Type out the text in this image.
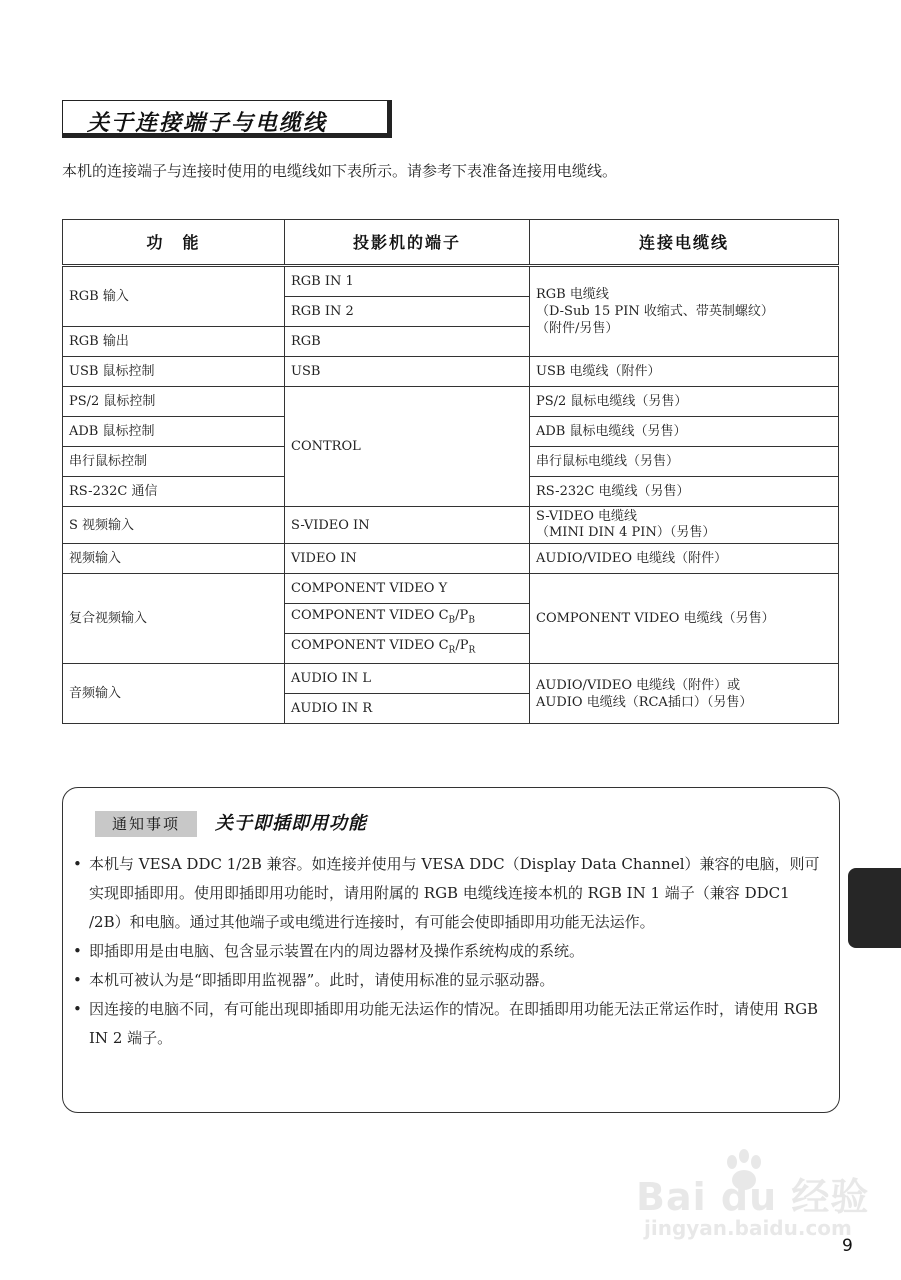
关于连接端子与电缆线
本机的连接端子与连接时使用的电缆线如下表所示。请参考下表准备连接用电缆线。
功　能	投影机的端子	连接电缆线
RGB 输入	RGB IN 1	RGB 电缆线
（D-Sub 15 PIN 收缩式、带英制螺纹）
（附件/另售）
	RGB IN 2	
RGB 输出	RGB	
USB 鼠标控制	USB	USB 电缆线（附件）
PS/2 鼠标控制	CONTROL	PS/2 鼠标电缆线（另售）
ADB 鼠标控制		ADB 鼠标电缆线（另售）
串行鼠标控制		串行鼠标电缆线（另售）
RS-232C 通信		RS-232C 电缆线（另售）
S 视频输入	S-VIDEO IN	S-VIDEO 电缆线
（MINI DIN 4 PIN）（另售）
视频输入	VIDEO IN	AUDIO/VIDEO 电缆线（附件）
复合视频输入	COMPONENT VIDEO Y	COMPONENT VIDEO 电缆线（另售）
	COMPONENT VIDEO $C_B/P_B$
	COMPONENT VIDEO $C_R/P_R$
音频输入	AUDIO IN L	AUDIO/VIDEO 电缆线（附件）或
AUDIO 电缆线（RCA插口）（另售）
	AUDIO IN R	
通知事项	关于即插即用功能
• 本机与 VESA DDC 1/2B 兼容。如连接并使用与 VESA DDC（Display Data Channel）兼容的电脑，则可实现即插即用。使用即插即用功能时，请用附属的 RGB 电缆线连接本机的 RGB IN 1 端子（兼容 DDC1 /2B）和电脑。通过其他端子或电缆进行连接时，有可能会使即插即用功能无法运作。
• 即插即用是由电脑、包含显示装置在内的周边器材及操作系统构成的系统。
• 本机可被认为是“即插即用监视器”。此时，请使用标准的显示驱动器。
• 因连接的电脑不同，有可能出现即插即用功能无法运作的情况。在即插即用功能无法正常运作时，请使用 RGB IN 2 端子。
Bai du 经验
jingyan.baidu.com
9
